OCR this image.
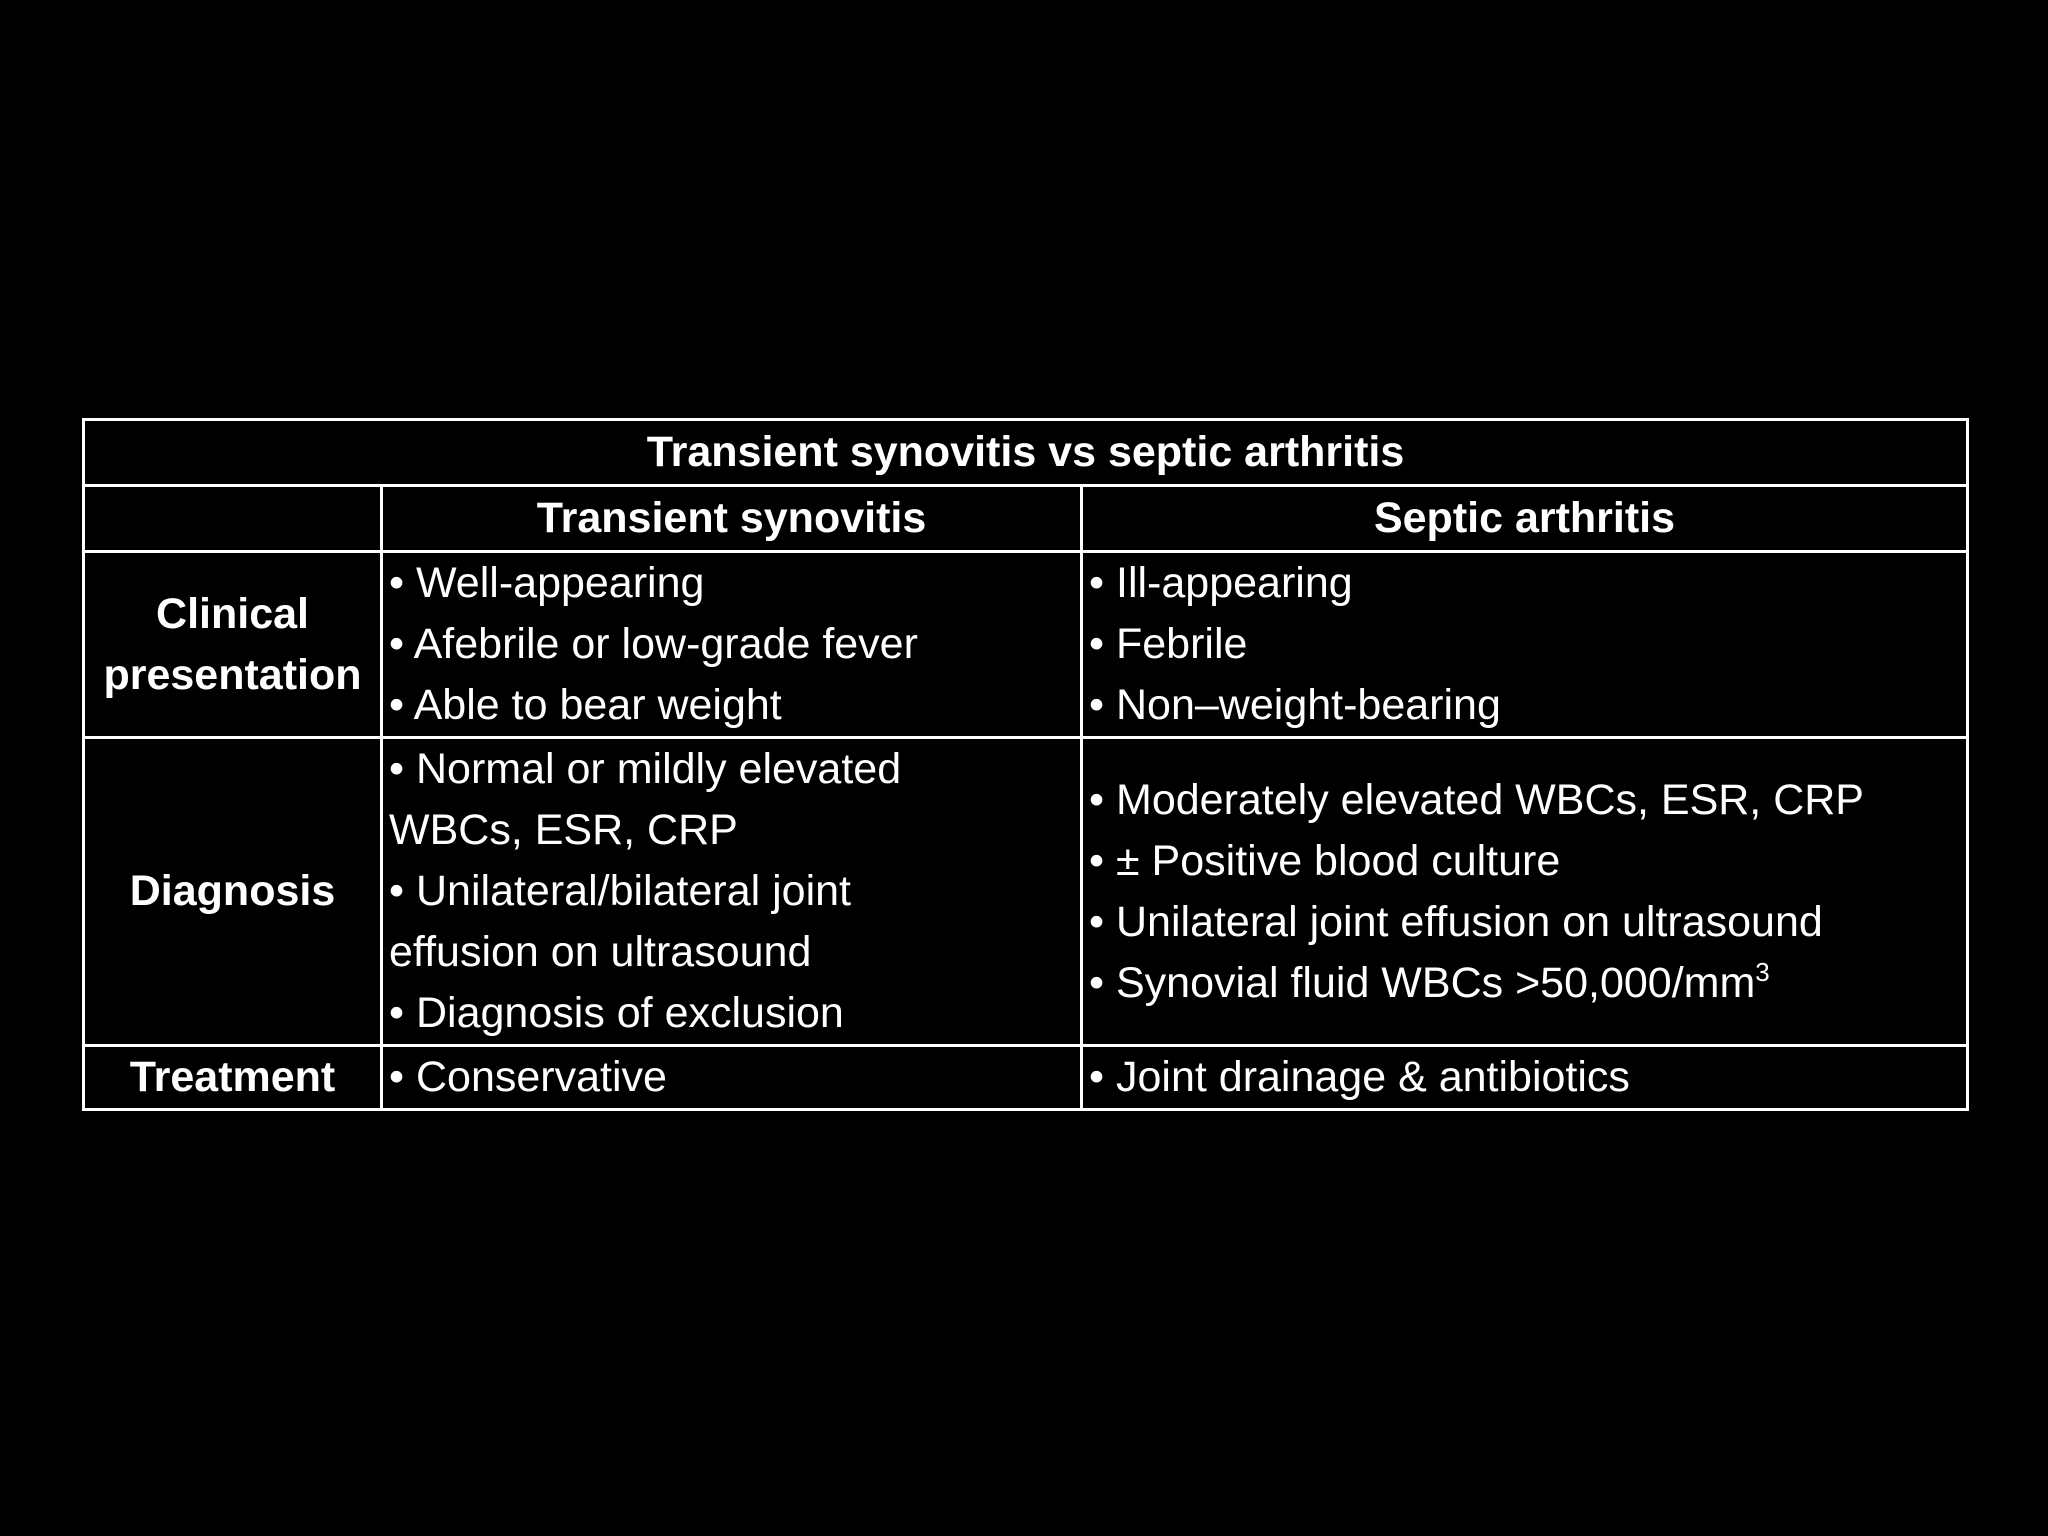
Transient synovitis vs septic arthritis		
	Transient synovitis	Septic arthritis

Clinical
presentation	• Well-appearing
• Afebrile or low-grade fever
• Able to bear weight	• Ill-appearing
• Febrile
• Non–weight-bearing

Diagnosis	• Normal or mildly elevated
WBCs, ESR, CRP
• Unilateral/bilateral joint
effusion on ultrasound
• Diagnosis of exclusion	• Moderately elevated WBCs, ESR, CRP
• ± Positive blood culture
• Unilateral joint effusion on ultrasound
• Synovial fluid WBCs $>50,000/mm^3$

Treatment	• Conservative	• Joint drainage & antibiotics
